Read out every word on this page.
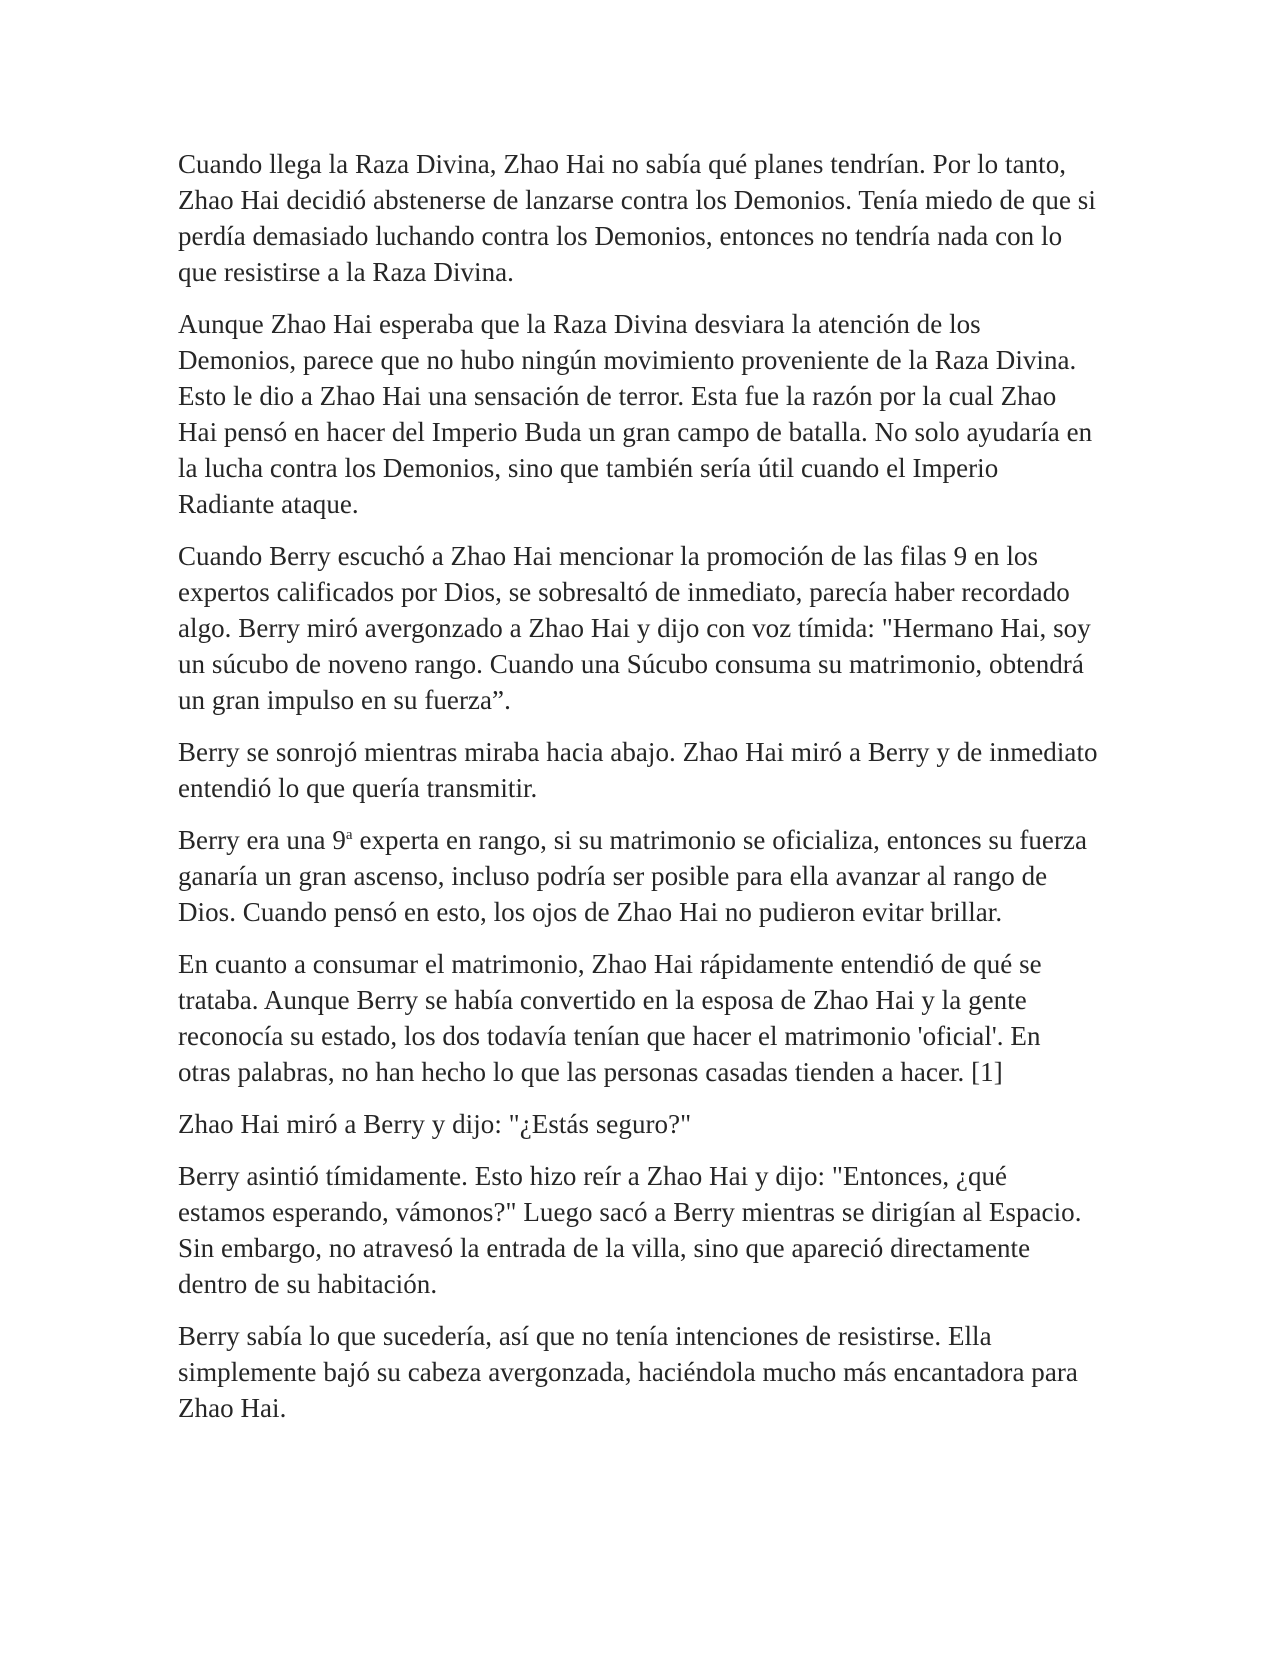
Cuando llega la Raza Divina, Zhao Hai no sabía qué planes tendrían. Por lo tanto, Zhao Hai decidió abstenerse de lanzarse contra los Demonios. Tenía miedo de que si perdía demasiado luchando contra los Demonios, entonces no tendría nada con lo que resistirse a la Raza Divina.

Aunque Zhao Hai esperaba que la Raza Divina desviara la atención de los Demonios, parece que no hubo ningún movimiento proveniente de la Raza Divina. Esto le dio a Zhao Hai una sensación de terror. Esta fue la razón por la cual Zhao Hai pensó en hacer del Imperio Buda un gran campo de batalla. No solo ayudaría en la lucha contra los Demonios, sino que también sería útil cuando el Imperio Radiante ataque.

Cuando Berry escuchó a Zhao Hai mencionar la promoción de las filas 9 en los expertos calificados por Dios, se sobresaltó de inmediato, parecía haber recordado algo. Berry miró avergonzado a Zhao Hai y dijo con voz tímida: "Hermano Hai, soy un súcubo de noveno rango. Cuando una Súcubo consuma su matrimonio, obtendrá un gran impulso en su fuerza”.

Berry se sonrojó mientras miraba hacia abajo. Zhao Hai miró a Berry y de inmediato entendió lo que quería transmitir.

Berry era una 9$^a$ experta en rango, si su matrimonio se oficializa, entonces su fuerza ganaría un gran ascenso, incluso podría ser posible para ella avanzar al rango de Dios. Cuando pensó en esto, los ojos de Zhao Hai no pudieron evitar brillar.

En cuanto a consumar el matrimonio, Zhao Hai rápidamente entendió de qué se trataba. Aunque Berry se había convertido en la esposa de Zhao Hai y la gente reconocía su estado, los dos todavía tenían que hacer el matrimonio 'oficial'. En otras palabras, no han hecho lo que las personas casadas tienden a hacer. [1]

Zhao Hai miró a Berry y dijo: "¿Estás seguro?"

Berry asintió tímidamente. Esto hizo reír a Zhao Hai y dijo: "Entonces, ¿qué estamos esperando, vámonos?" Luego sacó a Berry mientras se dirigían al Espacio. Sin embargo, no atravesó la entrada de la villa, sino que apareció directamente dentro de su habitación.

Berry sabía lo que sucedería, así que no tenía intenciones de resistirse. Ella simplemente bajó su cabeza avergonzada, haciéndola mucho más encantadora para Zhao Hai.
